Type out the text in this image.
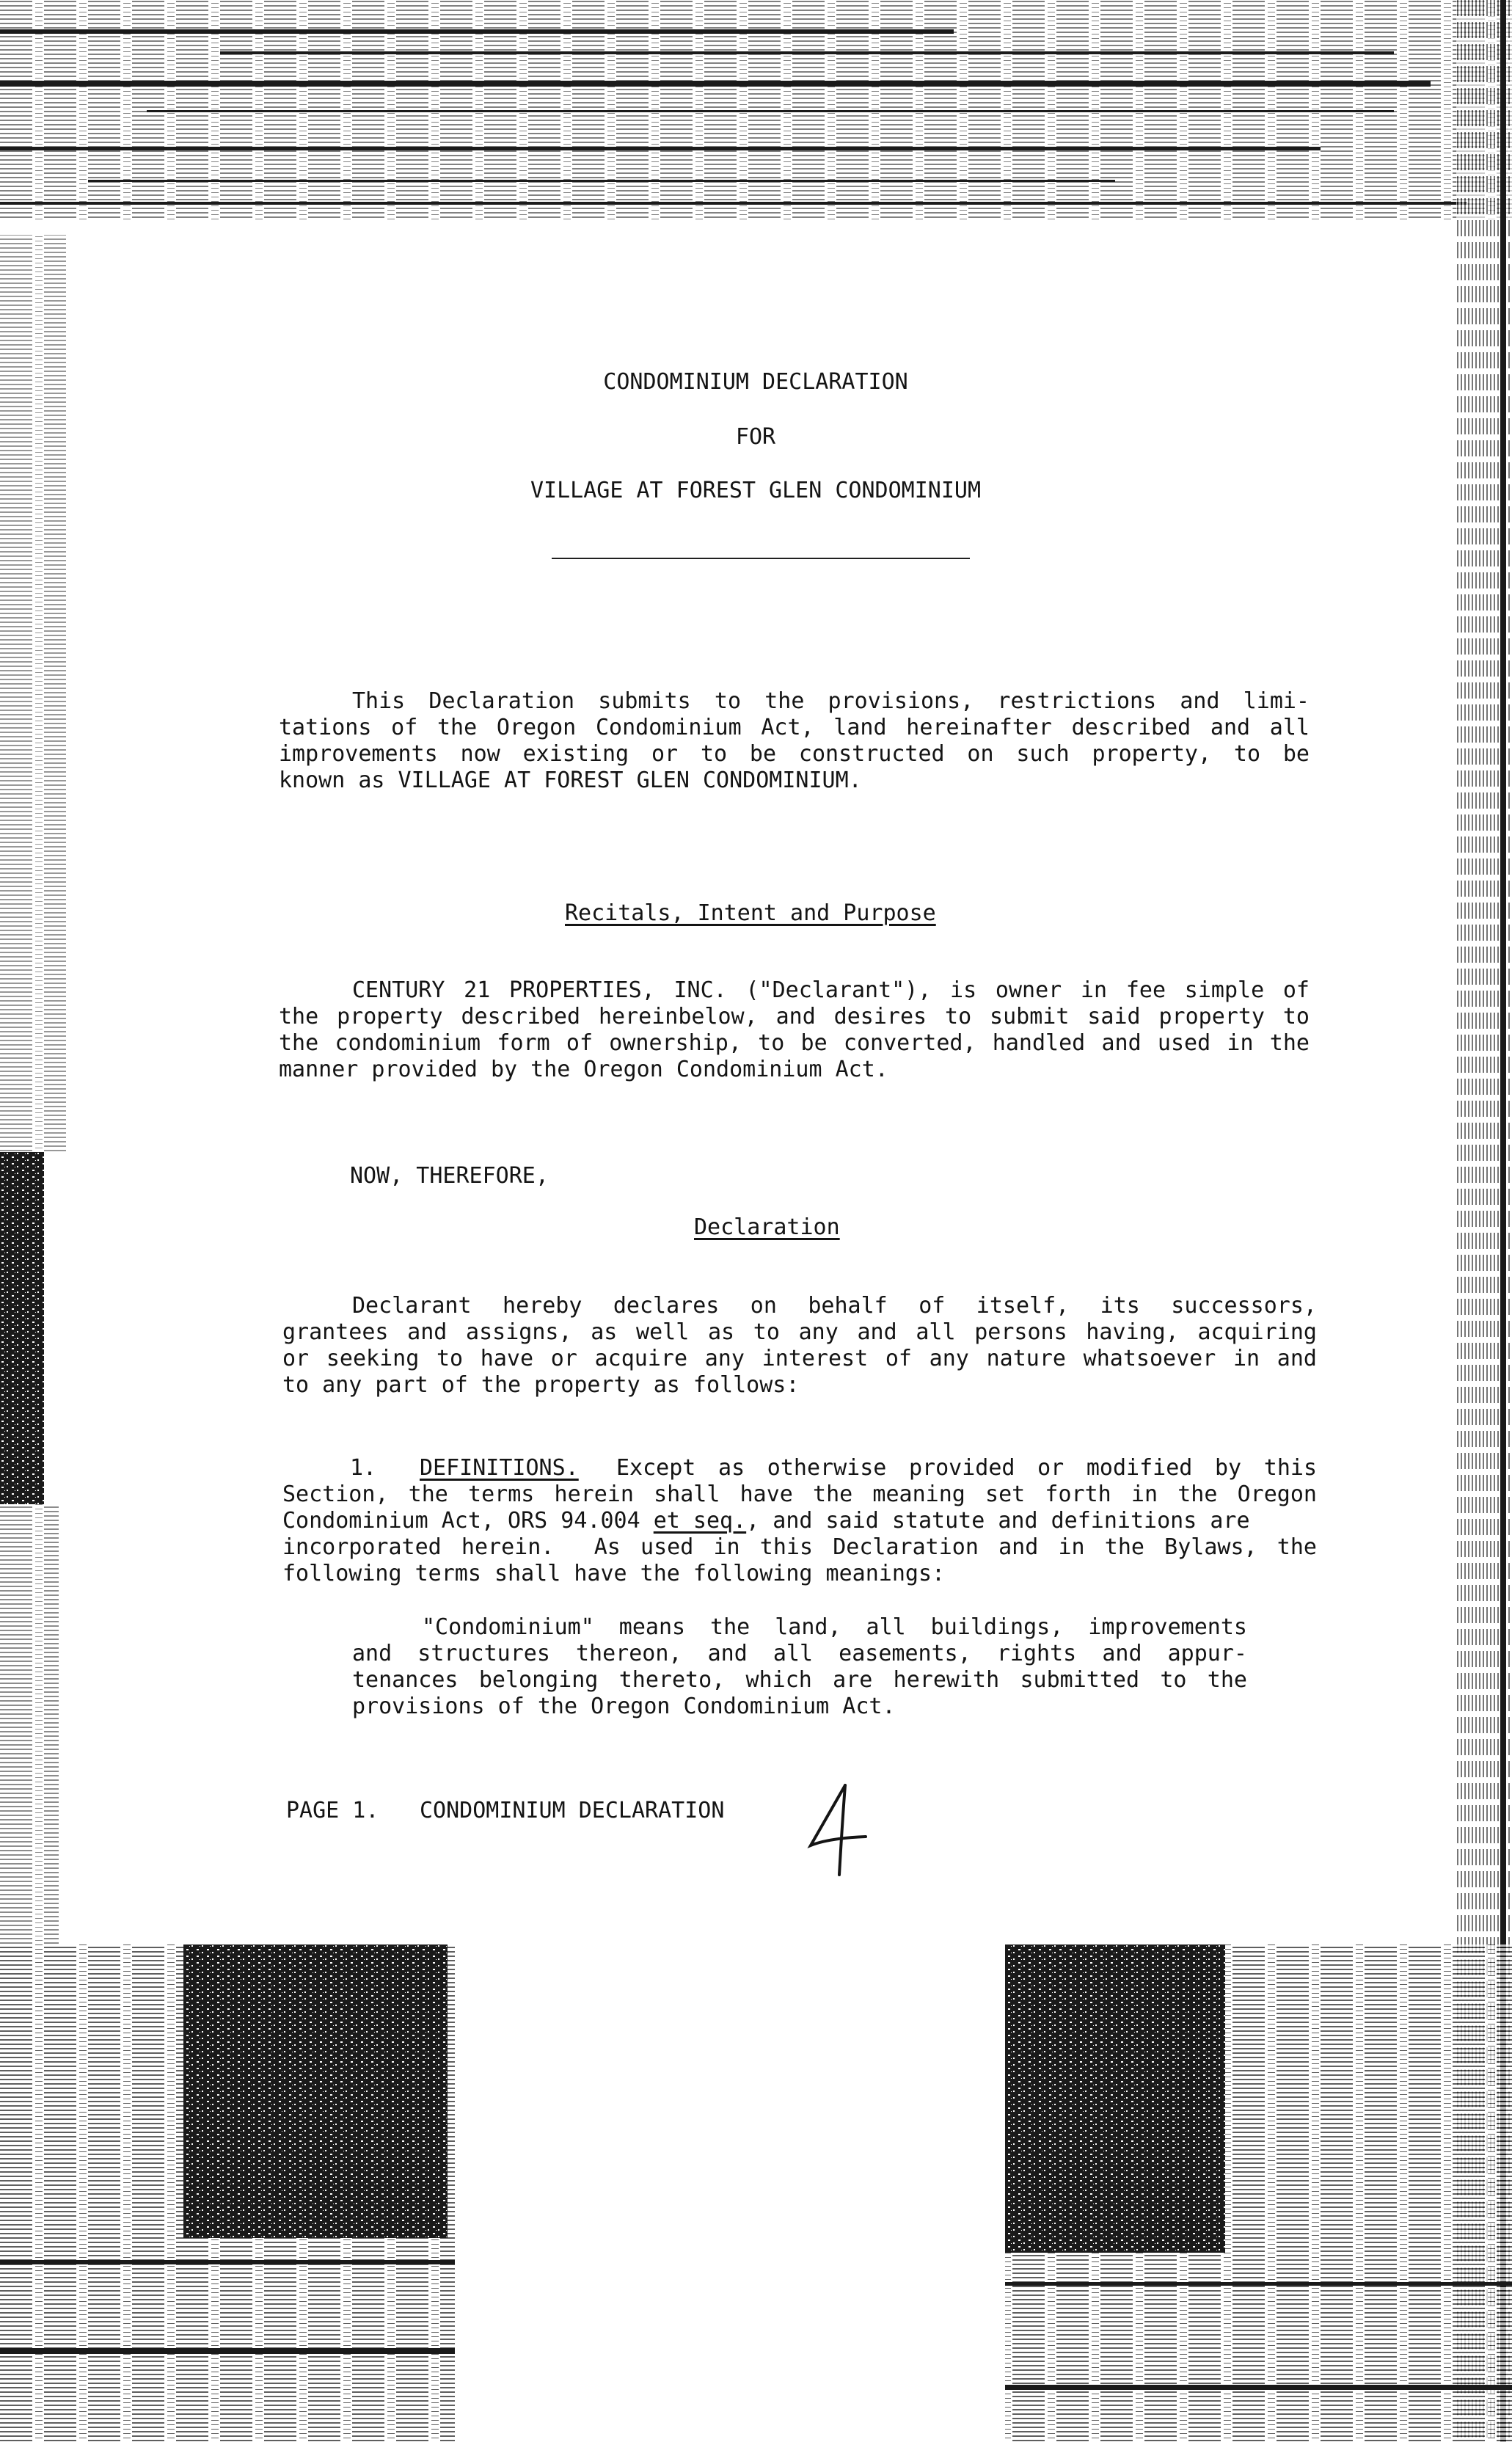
CONDOMINIUM DECLARATION
FOR
VILLAGE AT FOREST GLEN CONDOMINIUM
This Declaration submits to the provisions, restrictions and limi-
tations of the Oregon Condominium Act, land hereinafter described and all
improvements now existing or to be constructed on such property, to be
known as VILLAGE AT FOREST GLEN CONDOMINIUM.
Recitals, Intent and Purpose
CENTURY 21 PROPERTIES, INC. ("Declarant"), is owner in fee simple of
the property described hereinbelow, and desires to submit said property to
the condominium form of ownership, to be converted, handled and used in the
manner provided by the Oregon Condominium Act.
NOW, THEREFORE,
Declaration
Declarant hereby declares on behalf of itself, its successors,
grantees and assigns, as well as to any and all persons having, acquiring
or seeking to have or acquire any interest of any nature whatsoever in and
to any part of the property as follows:
1. DEFINITIONS. Except as otherwise provided or modified by this
Section, the terms herein shall have the meaning set forth in the Oregon
Condominium Act, ORS 94.004 et seq., and said statute and definitions are
incorporated herein.  As used in this Declaration and in the Bylaws, the
following terms shall have the following meanings:
"Condominium" means the land, all buildings, improvements
and structures thereon, and all easements, rights and appur-
tenances belonging thereto, which are herewith submitted to the
provisions of the Oregon Condominium Act.
PAGE 1. CONDOMINIUM DECLARATION
